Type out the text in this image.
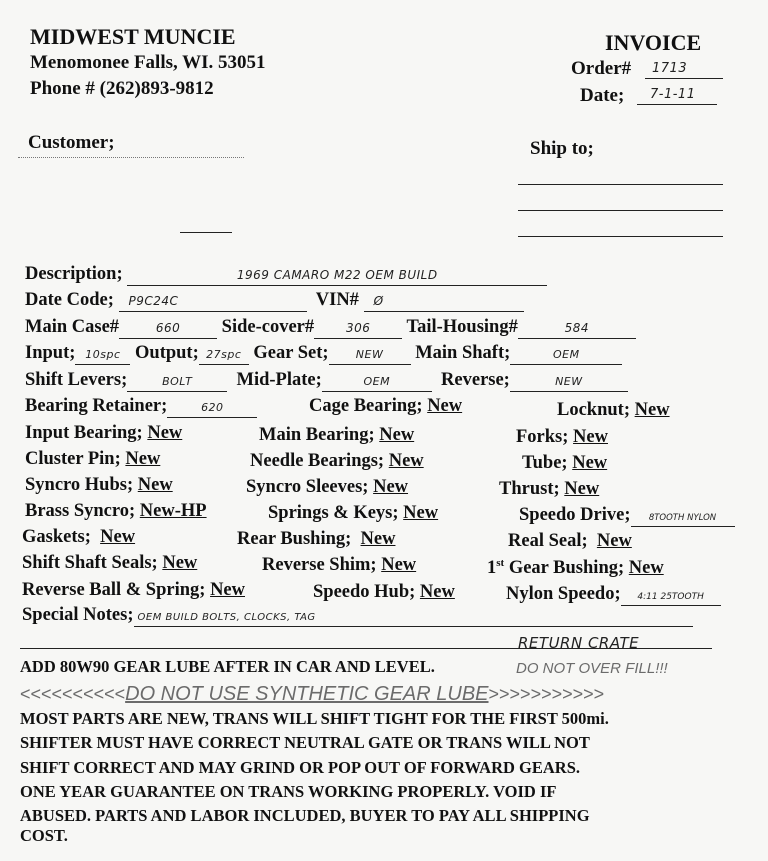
MIDWEST MUNCIE
Menomonee Falls, WI. 53051
Phone # (262)893-9812
INVOICE
Order# 1713
Date; 7-1-11
Customer;	Ship to;
Description;	1969 CAMARO M22 OEM BUILD
Date Code; P9C24C	VIN# Ø
Main Case#	660 Side-cover#	306 Tail-Housing#	584
Input; 10spc Output; 27spc Gear Set; NEW Main Shaft;	OEM
Shift Levers;	BOLT Mid-Plate;	OEM	Reverse;	NEW
Bearing Retainer;	620	Cage Bearing; New	Locknut; New
Input Bearing; New	Main Bearing; New	Forks; New
Cluster Pin; New	Needle Bearings; New	Tube; New
Syncro Hubs; New	Syncro Sleeves; New	Thrust; New
Brass Syncro; New-HP	Springs & Keys; New	Speedo Drive; 8TOOTH NYLON
Gaskets; New	Rear Bushing; New	Real Seal; New
Shift Shaft Seals; New	Reverse Shim; New	1st Gear Bushing; New
Reverse Ball & Spring; New	Speedo Hub; New	Nylon Speedo; 4:11 25TOOTH
Special Notes; OEM BUILD BOLTS, CLOCKS, TAG
RETURN CRATE
ADD 80W90 GEAR LUBE AFTER IN CAR AND LEVEL.	DO NOT OVER FILL!!!
<<<<<<<<<<DO NOT USE SYNTHETIC GEAR LUBE>>>>>>>>>>>
MOST PARTS ARE NEW, TRANS WILL SHIFT TIGHT FOR THE FIRST 500mi.
SHIFTER MUST HAVE CORRECT NEUTRAL GATE OR TRANS WILL NOT
SHIFT CORRECT AND MAY GRIND OR POP OUT OF FORWARD GEARS.
ONE YEAR GUARANTEE ON TRANS WORKING PROPERLY. VOID IF
ABUSED. PARTS AND LABOR INCLUDED, BUYER TO PAY ALL SHIPPING
COST.
